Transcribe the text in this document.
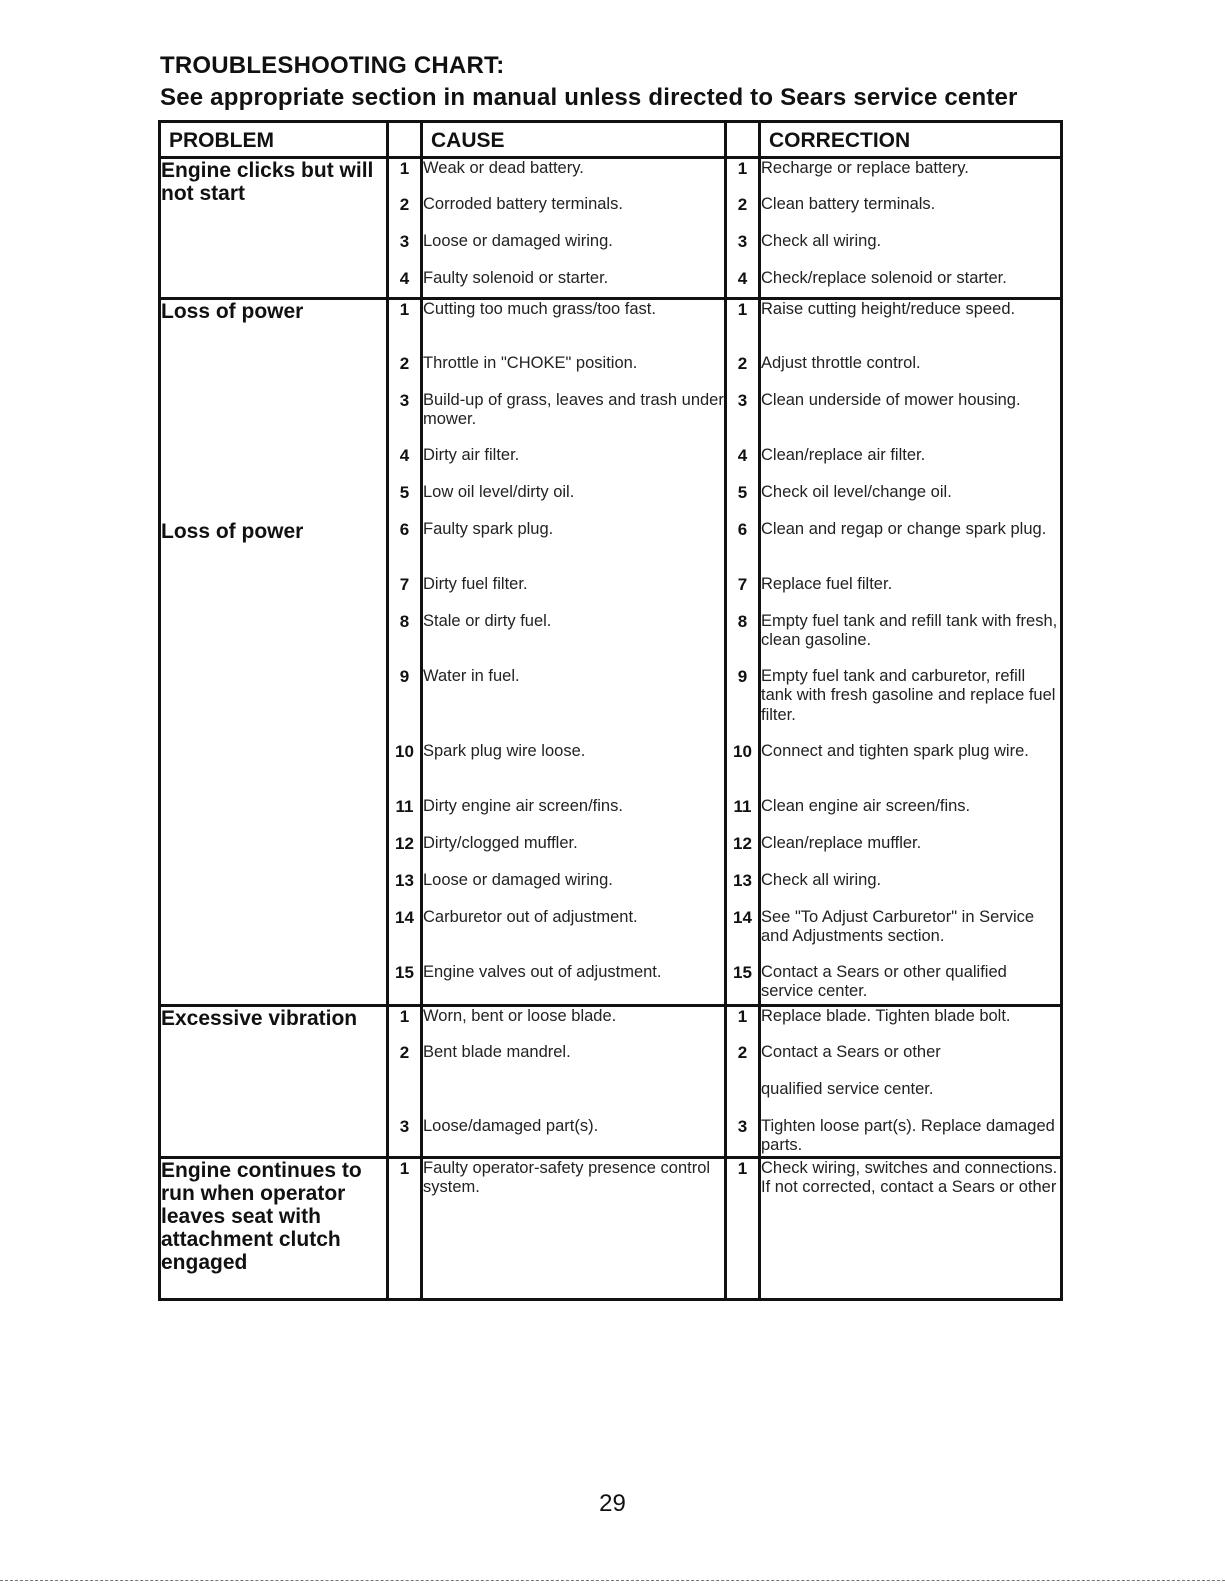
TROUBLESHOOTING CHART:
See appropriate section in manual unless directed to Sears service center
PROBLEM		CAUSE		CORRECTION
Engine clicks but will not start	1	Weak or dead battery.	1	Recharge or replace battery.
	2	Corroded battery terminals.	2	Clean battery terminals.
	3	Loose or damaged wiring.	3	Check all wiring.
	4	Faulty solenoid or starter.	4	Check/replace solenoid or starter.
Loss of power	1	Cutting too much grass/too fast.	1	Raise cutting height/reduce speed.
	2	Throttle in "CHOKE" position.	2	Adjust throttle control.
	3	Build-up of grass, leaves and trash under mower.	3	Clean underside of mower housing.
	4	Dirty air filter.	4	Clean/replace air filter.
	5	Low oil level/dirty oil.	5	Check oil level/change oil.
Loss of power	6	Faulty spark plug.	6	Clean and regap or change spark plug.
	7	Dirty fuel filter.	7	Replace fuel filter.
	8	Stale or dirty fuel.	8	Empty fuel tank and refill tank with fresh, clean gasoline.
	9	Water in fuel.	9	Empty fuel tank and carburetor, refill tank with fresh gasoline and replace fuel filter.
	10	Spark plug wire loose.	10	Connect and tighten spark plug wire.
	11	Dirty engine air screen/fins.	11	Clean engine air screen/fins.
	12	Dirty/clogged muffler.	12	Clean/replace muffler.
	13	Loose or damaged wiring.	13	Check all wiring.
	14	Carburetor out of adjustment.	14	See "To Adjust Carburetor" in Service and Adjustments section.
	15	Engine valves out of adjustment.	15	Contact a Sears or other qualified service center.
Excessive vibration	1	Worn, bent or loose blade.	1	Replace blade. Tighten blade bolt.
	2	Bent blade mandrel.	2	Contact a Sears or other
				qualified service center.
	3	Loose/damaged part(s).	3	Tighten loose part(s). Replace damaged parts.
Engine continues to run when operator leaves seat with attachment clutch engaged	1	Faulty operator-safety presence control system.	1	Check wiring, switches and connections. If not corrected, contact a Sears or other
29
